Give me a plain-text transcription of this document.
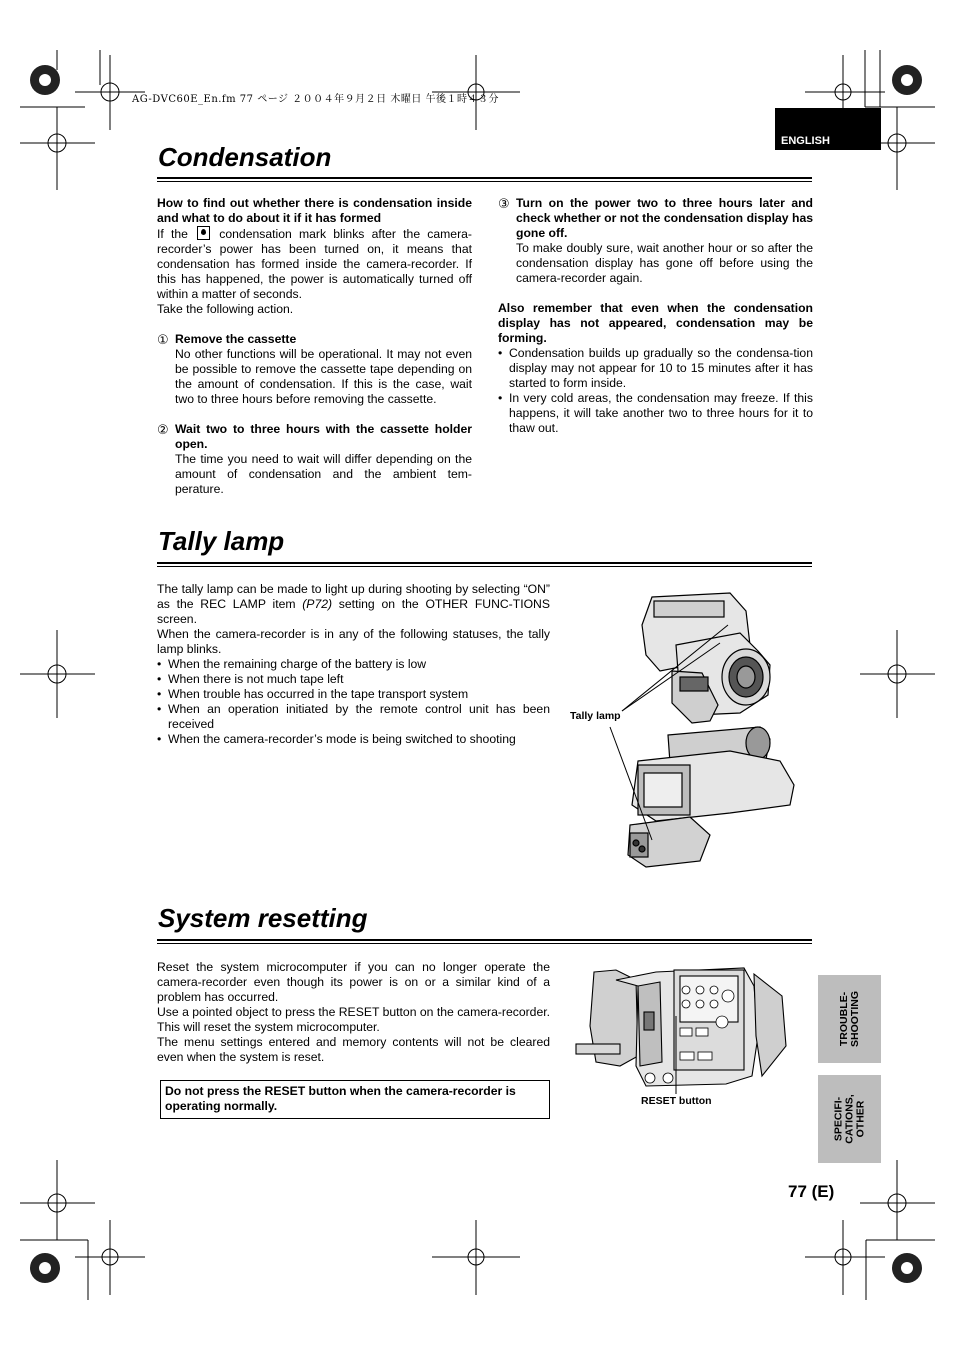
AG-DVC60E_En.fm 77 ページ ２００４年９月２日 木曜日 午後１時４３分
ENGLISH
Condensation

How to find out whether there is condensation inside and what to do about it if it has formed

If the	condensation mark blinks after the camera-recorder’s power has been turned on, it means that condensation has formed inside the camera-recorder. If this has happened, the power is automatically turned off within a matter of seconds.

Take the following action.

① Remove the cassette

No other functions will be operational. It may not even be possible to remove the cassette tape depending on the amount of condensation. If this is the case, wait two to three hours before removing the cassette.

② Wait two to three hours with the cassette holder open.

The time you need to wait will differ depending on the amount of condensation and the ambient tem-perature.

③ Turn on the power two to three hours later and check whether or not the condensation display has gone off.

To make doubly sure, wait another hour or so after the condensation display has gone off before using the camera-recorder again.

Also remember that even when the condensation display has not appeared, condensation may be forming.

• Condensation builds up gradually so the condensa-tion display may not appear for 10 to 15 minutes after it has started to form inside.
• In very cold areas, the condensation may freeze. If this happens, it will take another two to three hours for it to thaw out.
Tally lamp

The tally lamp can be made to light up during shooting by selecting “ON” as the REC LAMP item (P72) setting on the OTHER FUNC-TIONS screen.

When the camera-recorder is in any of the following statuses, the tally lamp blinks.

• When the remaining charge of the battery is low
• When there is not much tape left
• When trouble has occurred in the tape transport system
• When an operation initiated by the remote control unit has been received
• When the camera-recorder’s mode is being switched to shooting
Tally lamp
System resetting

Reset the system microcomputer if you can no longer operate the camera-recorder even though its power is on or a similar kind of a problem has occurred.

Use a pointed object to press the RESET button on the camera-recorder. This will reset the system microcomputer.

The menu settings entered and memory contents will not be cleared even when the system is reset.

Do not press the RESET button when the camera-recorder is operating normally.	RESET button
TROUBLE-
SHOOTING
SPECIFI-
CATIONS,
OTHER
77 (E)
